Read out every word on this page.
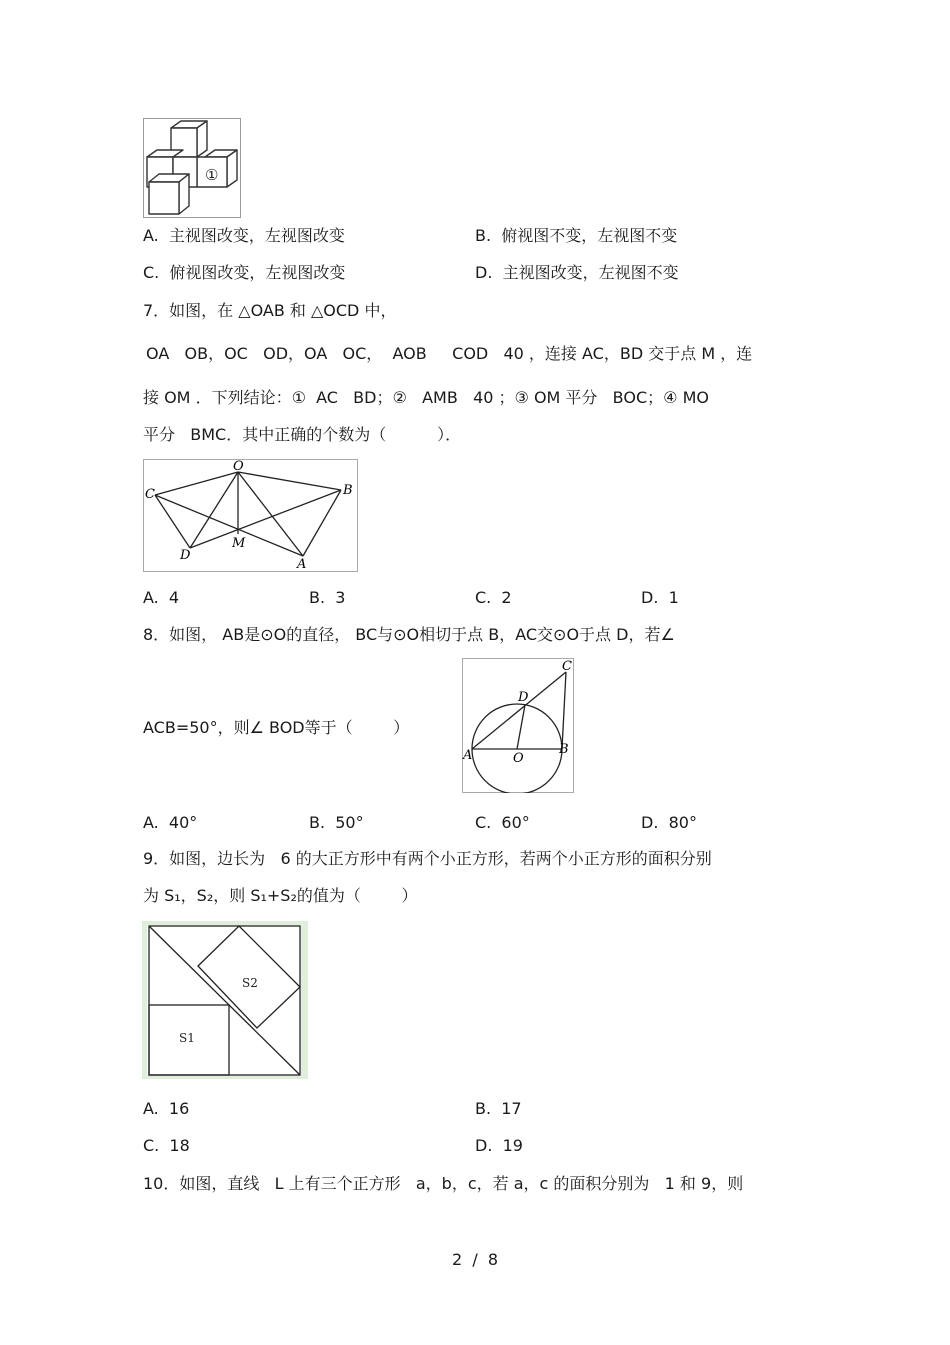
①
A.  主视图改变，左视图改变	B.  俯视图不变，左视图不变
C.  俯视图改变，左视图改变	D.  主视图改变，左视图不变
7．如图，在 △OAB 和 △OCD 中，
OA   OB，OC   OD，OA   OC，  AOB     COD   40 ，连接 AC，BD 交于点 M ，连
接 OM ．下列结论：①  AC   BD；②   AMB   40 ；③ OM 平分   BOC；④ MO
平分   BMC．其中正确的个数为（          ）．
O
C	B
D
M
A
A.  4	B.  3	C.  2	D.  1
8．如图， AB是⊙O的直径， BC与⊙O相切于点 B，AC交⊙O于点 D，若∠
ACB=50°，则∠ BOD等于（        ）
A	B
C
D
O
A.  40°	B.  50°	C.  60°	D.  80°
9．如图，边长为   6 的大正方形中有两个小正方形，若两个小正方形的面积分别
为 S₁，S₂，则 S₁+S₂的值为（        ）
S2
S1
A.  16	B.  17
C.  18	D.  19
10．如图，直线   L 上有三个正方形   a，b，c，若 a，c 的面积分别为   1 和 9，则
2  /  8
